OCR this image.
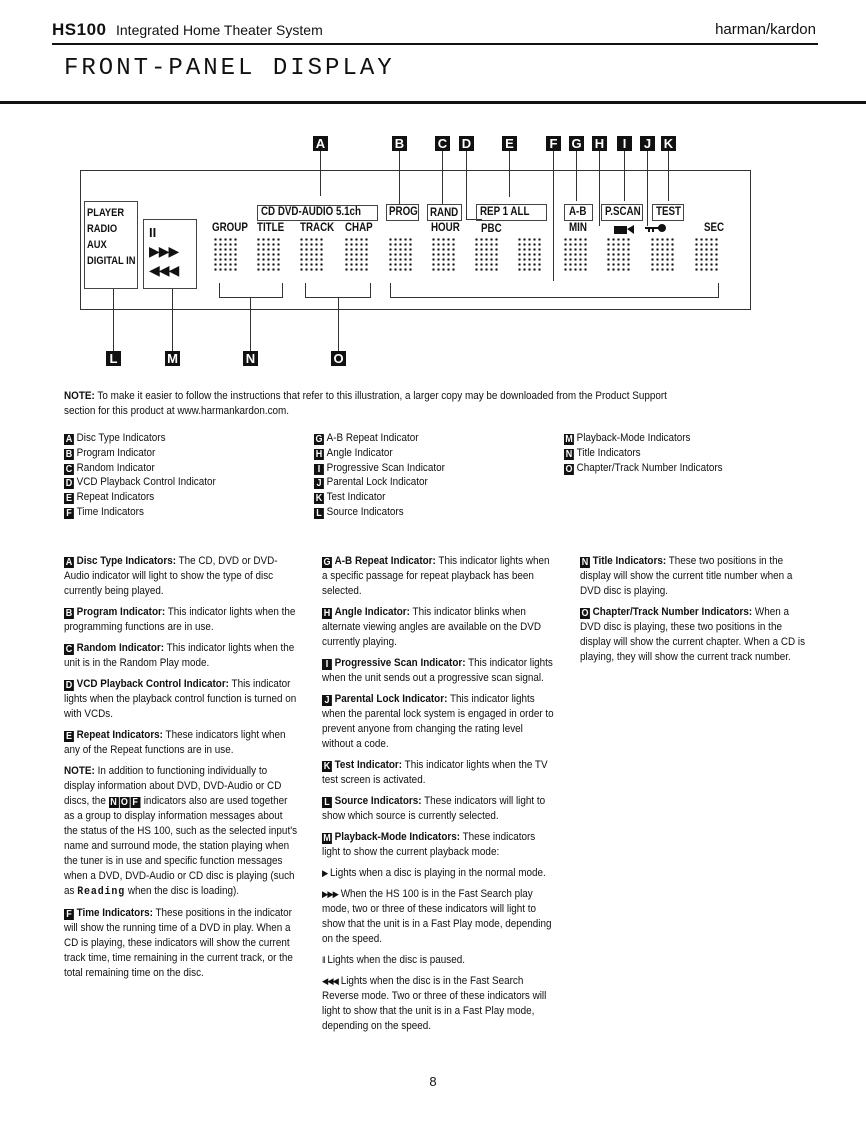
HS100 Integrated Home Theater System	harman/kardon
FRONT-PANEL DISPLAY
A	B	C D	E	F G H	I	J K
PLAYER
RADIO
AUX
DIGITAL IN
II
▶▶▶
◀◀◀
CD DVD-AUDIO 5.1ch PROG RAND REP 1 ALL	A-B P.SCAN TEST
GROUP TITLE TRACK CHAP	HOUR PBC	MIN	SEC
L	M	N	O
NOTE: To make it easier to follow the instructions that refer to this illustration, a larger copy may be downloaded from the Product Support section for this product at www.harmankardon.com.
A Disc Type Indicators
B Program Indicator
C Random Indicator
D VCD Playback Control Indicator
E Repeat Indicators
F Time Indicators
G A-B Repeat Indicator
H Angle Indicator
I Progressive Scan Indicator
J Parental Lock Indicator
K Test Indicator
L Source Indicators
M Playback-Mode Indicators
N Title Indicators
O Chapter/Track Number Indicators

A Disc Type Indicators: The CD, DVD or DVD-Audio indicator will light to show the type of disc currently being played.

B Program Indicator: This indicator lights when the programming functions are in use.

C Random Indicator: This indicator lights when the unit is in the Random Play mode.

D VCD Playback Control Indicator: This indicator lights when the playback control function is turned on with VCDs.

E Repeat Indicators: These indicators light when any of the Repeat functions are in use.

NOTE: In addition to functioning individually to display information about DVD, DVD-Audio or CD discs, the N O F indicators also are used together as a group to display information messages about the status of the HS 100, such as the selected input's name and surround mode, the station playing when the tuner is in use and specific function messages when a DVD, DVD-Audio or CD disc is playing (such as Reading when the disc is loading).

F Time Indicators: These positions in the indicator will show the running time of a DVD in play. When a CD is playing, these indicators will show the current track time, time remaining in the current track, or the total remaining time on the disc.

G A-B Repeat Indicator: This indicator lights when a specific passage for repeat playback has been selected.

H Angle Indicator: This indicator blinks when alternate viewing angles are available on the DVD currently playing.

I Progressive Scan Indicator: This indicator lights when the unit sends out a progressive scan signal.

J Parental Lock Indicator: This indicator lights when the parental lock system is engaged in order to prevent anyone from changing the rating level without a code.

K Test Indicator: This indicator lights when the TV test screen is activated.

L Source Indicators: These indicators will light to show which source is currently selected.

M Playback-Mode Indicators: These indicators light to show the current playback mode:

▶ Lights when a disc is playing in the normal mode.

▶▶▶ When the HS 100 is in the Fast Search play mode, two or three of these indicators will light to show that the unit is in a Fast Play mode, depending on the speed.

II Lights when the disc is paused.

◀◀◀ Lights when the disc is in the Fast Search Reverse mode. Two or three of these indicators will light to show that the unit is in a Fast Play mode, depending on the speed.

N Title Indicators: These two positions in the display will show the current title number when a DVD disc is playing.

O Chapter/Track Number Indicators: When a DVD disc is playing, these two positions in the display will show the current chapter. When a CD is playing, they will show the current track number.

8
